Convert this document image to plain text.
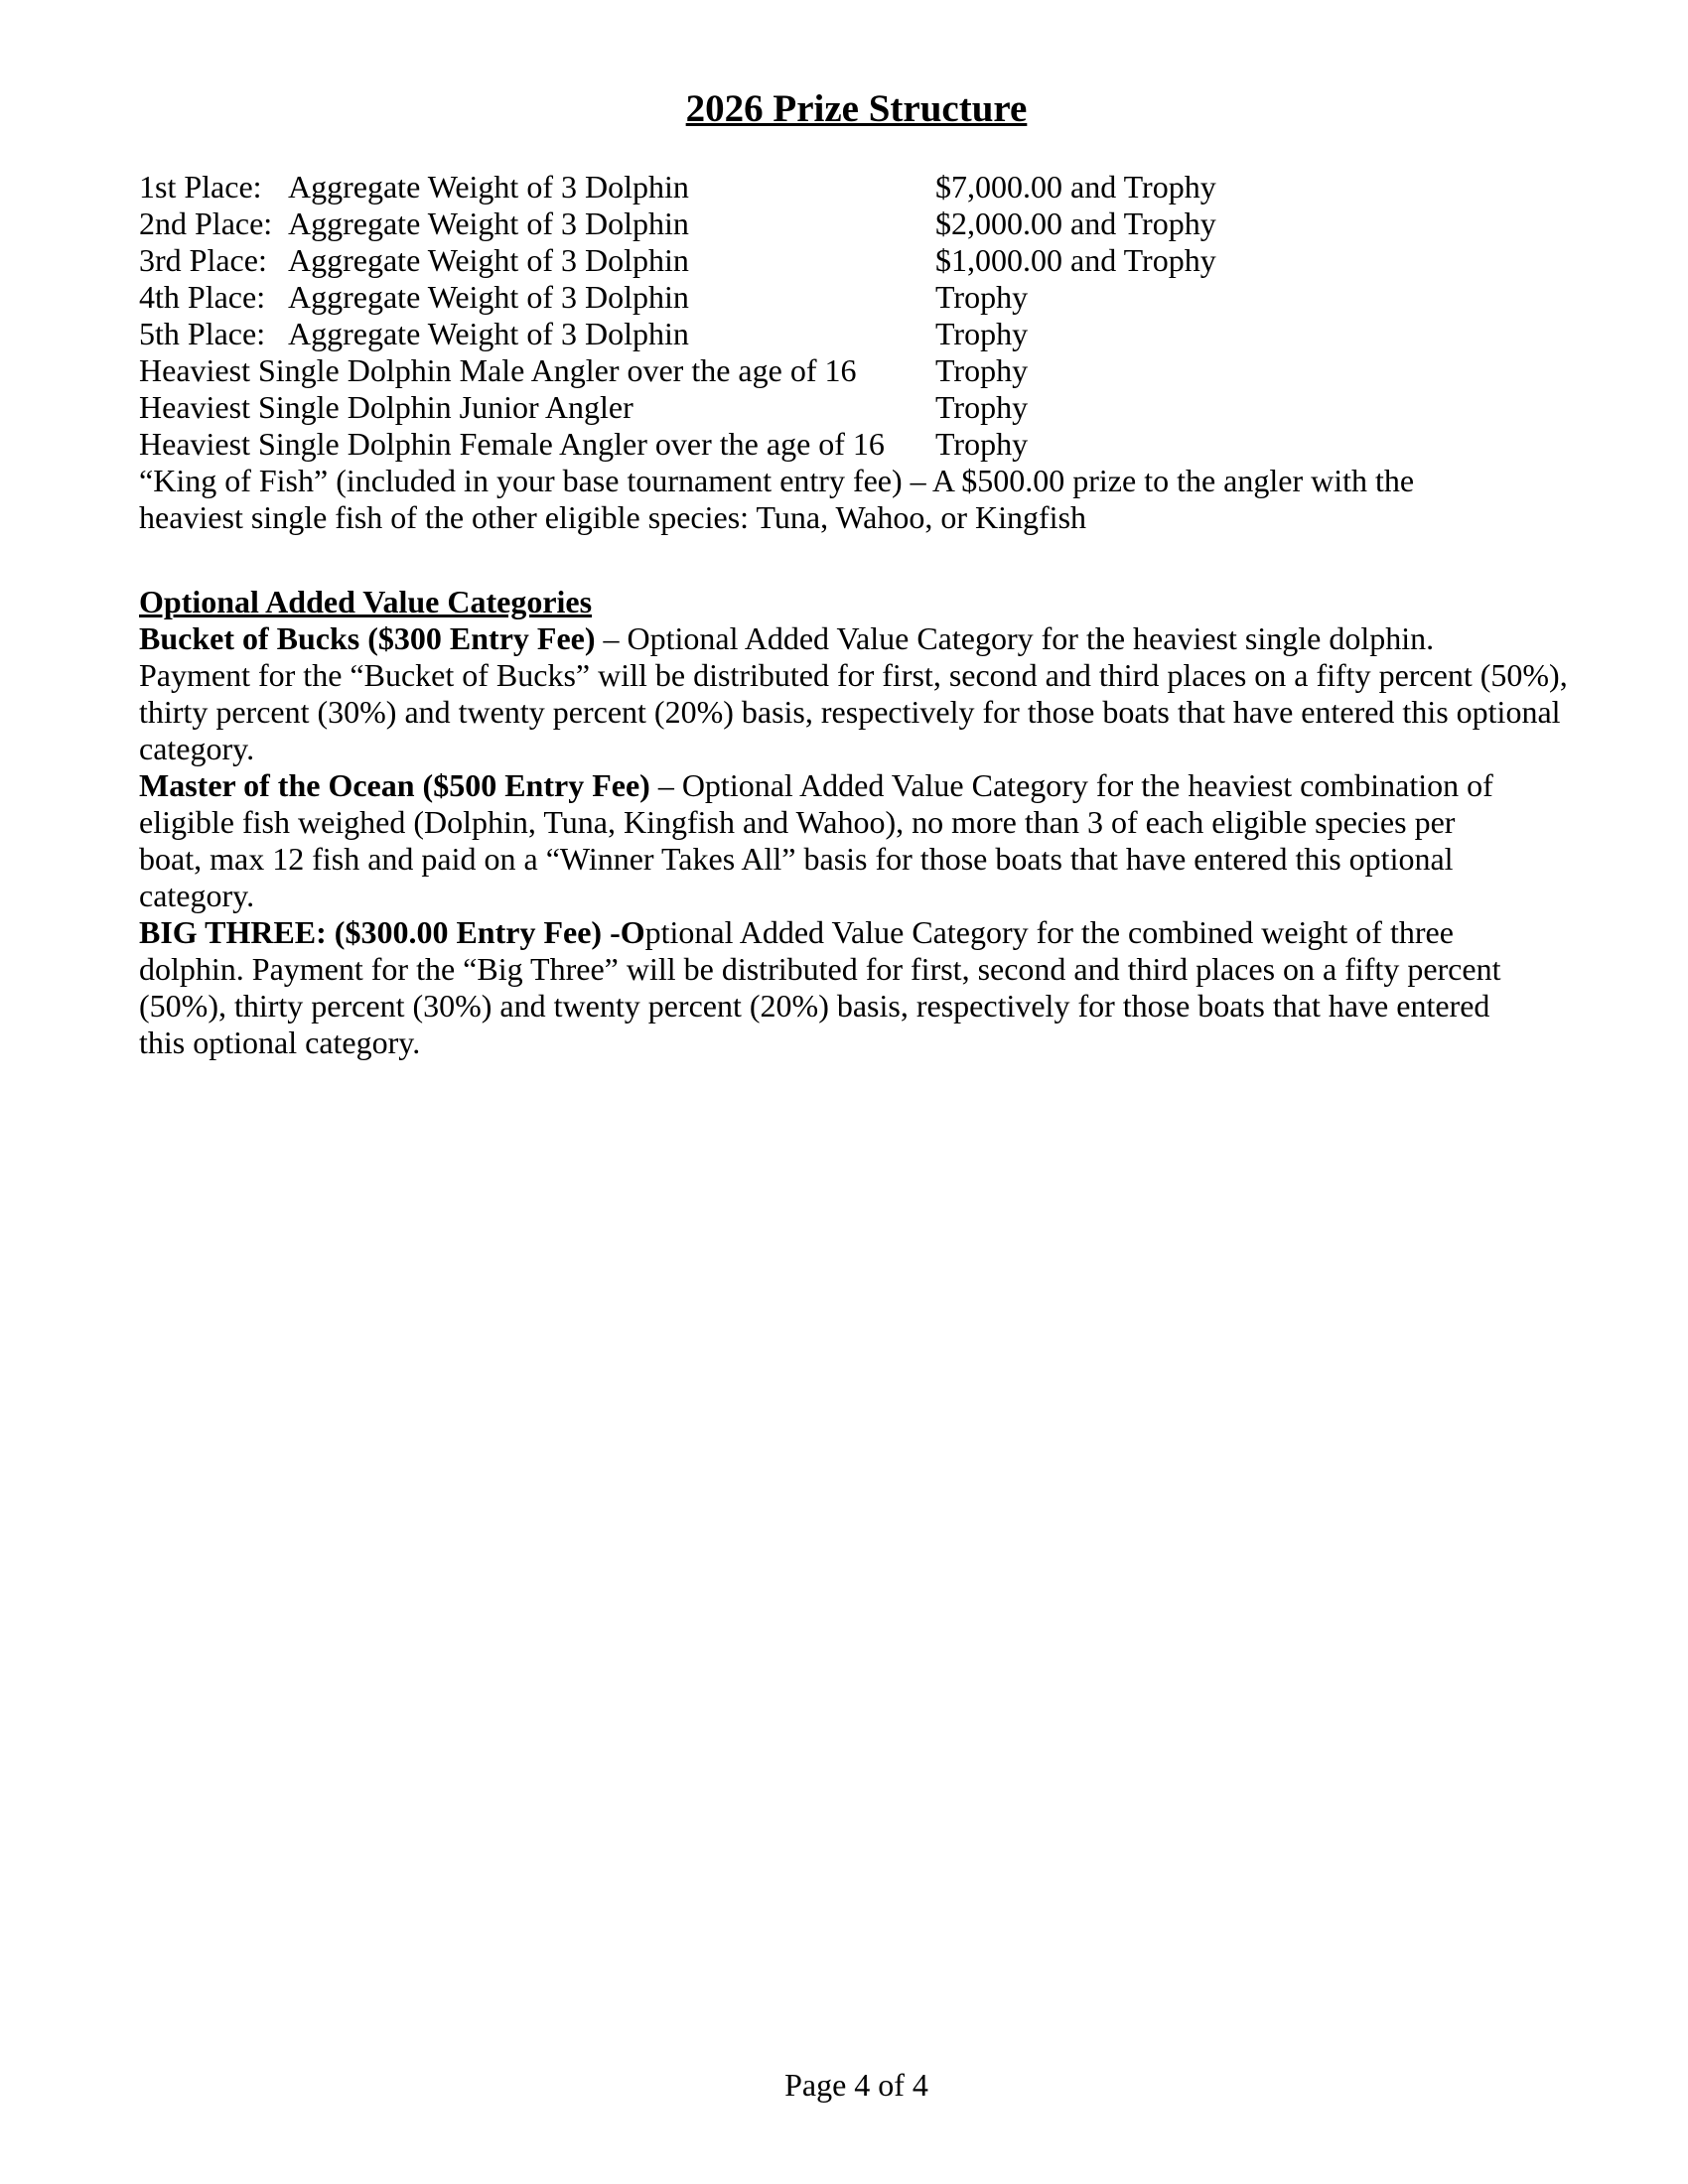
2026 Prize Structure
1st Place: Aggregate Weight of 3 Dolphin	$7,000.00 and Trophy
2nd Place: Aggregate Weight of 3 Dolphin	$2,000.00 and Trophy
3rd Place: Aggregate Weight of 3 Dolphin	$1,000.00 and Trophy
4th Place: Aggregate Weight of 3 Dolphin	Trophy
5th Place: Aggregate Weight of 3 Dolphin	Trophy
Heaviest Single Dolphin Male Angler over the age of 16 Trophy
Heaviest Single Dolphin Junior Angler	Trophy
Heaviest Single Dolphin Female Angler over the age of 16 Trophy
“King of Fish” (included in your base tournament entry fee) – A $500.00 prize to the angler with the
heaviest single fish of the other eligible species: Tuna, Wahoo, or Kingfish
Optional Added Value Categories
Bucket of Bucks ($300 Entry Fee) – Optional Added Value Category for the heaviest single dolphin.
Payment for the “Bucket of Bucks” will be distributed for first, second and third places on a fifty percent (50%),
thirty percent (30%) and twenty percent (20%) basis, respectively for those boats that have entered this optional
category.
Master of the Ocean ($500 Entry Fee) – Optional Added Value Category for the heaviest combination of
eligible fish weighed (Dolphin, Tuna, Kingfish and Wahoo), no more than 3 of each eligible species per
boat, max 12 fish and paid on a “Winner Takes All” basis for those boats that have entered this optional
category.
BIG THREE: ($300.00 Entry Fee) -Optional Added Value Category for the combined weight of three
dolphin. Payment for the “Big Three” will be distributed for first, second and third places on a fifty percent
(50%), thirty percent (30%) and twenty percent (20%) basis, respectively for those boats that have entered
this optional category.
Page 4 of 4
